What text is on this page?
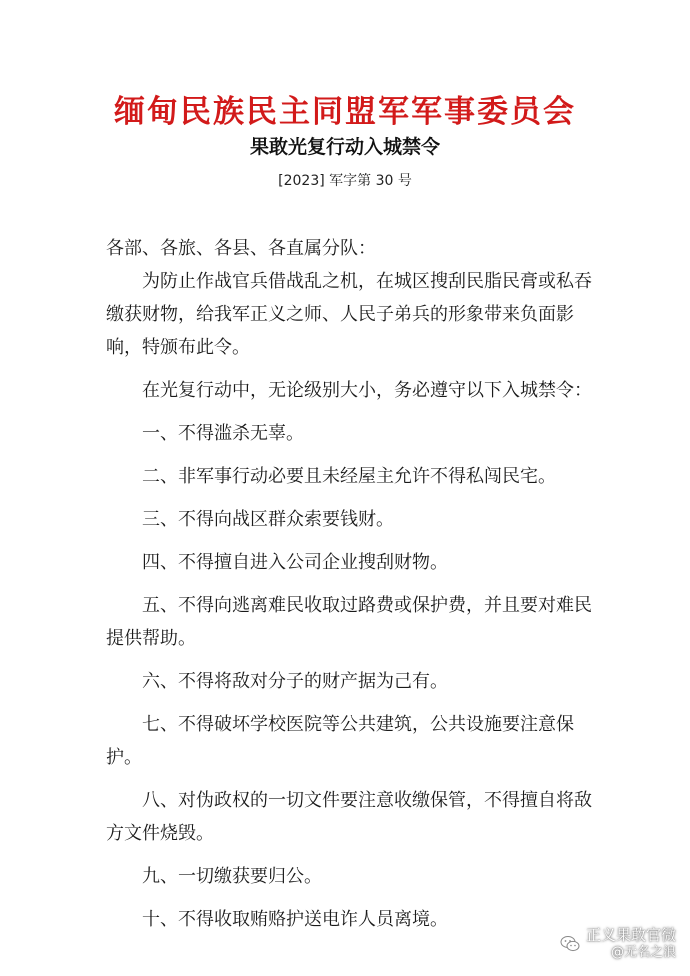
缅甸民族民主同盟军军事委员会
果敢光复行动入城禁令
[2023] 军字第 30 号

各部、各旅、各县、各直属分队：

为防止作战官兵借战乱之机，在城区搜刮民脂民膏或私吞缴获财物，给我军正义之师、人民子弟兵的形象带来负面影响，特颁布此令。

在光复行动中，无论级别大小，务必遵守以下入城禁令：

一、不得滥杀无辜。

二、非军事行动必要且未经屋主允许不得私闯民宅。

三、不得向战区群众索要钱财。

四、不得擅自进入公司企业搜刮财物。

五、不得向逃离难民收取过路费或保护费，并且要对难民提供帮助。

六、不得将敌对分子的财产据为己有。

七、不得破坏学校医院等公共建筑，公共设施要注意保护。

八、对伪政权的一切文件要注意收缴保管，不得擅自将敌方文件烧毁。

九、一切缴获要归公。

十、不得收取贿赂护送电诈人员离境。

正义果敢官微
@无名之浪
